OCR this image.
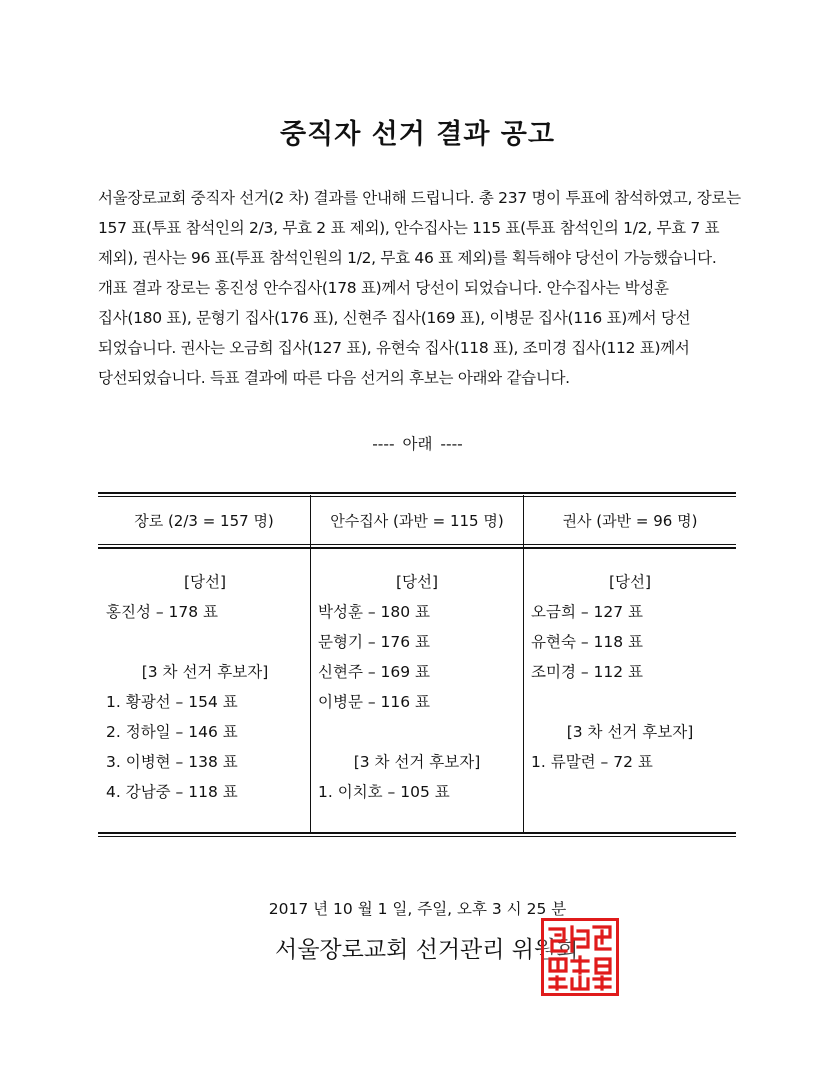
중직자 선거 결과 공고
서울장로교회 중직자 선거(2 차) 결과를 안내해 드립니다. 총 237 명이 투표에 참석하였고, 장로는
157 표(투표 참석인의 2/3, 무효 2 표 제외), 안수집사는 115 표(투표 참석인의 1/2, 무효 7 표
제외), 권사는 96 표(투표 참석인원의 1/2, 무효 46 표 제외)를 획득해야 당선이 가능했습니다.
개표 결과 장로는 홍진성 안수집사(178 표)께서 당선이 되었습니다. 안수집사는 박성훈
집사(180 표), 문형기 집사(176 표), 신현주 집사(169 표), 이병문 집사(116 표)께서 당선
되었습니다. 권사는 오금희 집사(127 표), 유현숙 집사(118 표), 조미경 집사(112 표)께서
당선되었습니다. 득표 결과에 따른 다음 선거의 후보는 아래와 같습니다.
---- 아래 ----
장로 (2/3 = 157 명)	안수집사 (과반 = 115 명)	권사 (과반 = 96 명)
[당선]
홍진성 – 178 표
[3 차 선거 후보자]
1. 황광선 – 154 표
2. 정하일 – 146 표
3. 이병현 – 138 표
4. 강남중 – 118 표
[당선]
박성훈 – 180 표
문형기 – 176 표
신현주 – 169 표
이병문 – 116 표
[3 차 선거 후보자]
1. 이치호 – 105 표
[당선]
오금희 – 127 표
유현숙 – 118 표
조미경 – 112 표
[3 차 선거 후보자]
1. 류말련 – 72 표
2017 년 10 월 1 일, 주일, 오후 3 시 25 분
서울장로교회 선거관리 위원회
